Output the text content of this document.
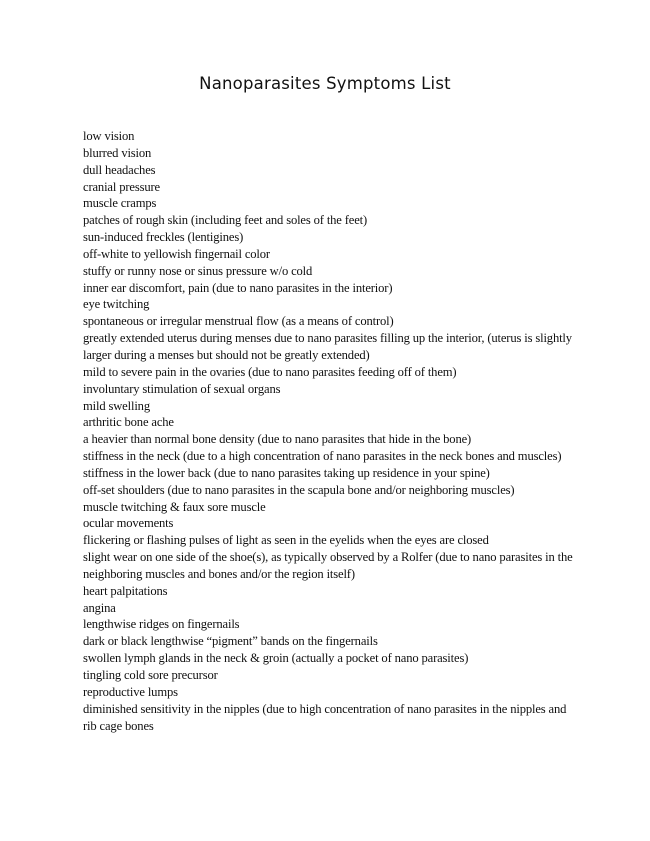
Nanoparasites Symptoms List
low vision
blurred vision
dull headaches
cranial pressure
muscle cramps
patches of rough skin (including feet and soles of the feet)
sun-induced freckles (lentigines)
off-white to yellowish fingernail color
stuffy or runny nose or sinus pressure w/o cold
inner ear discomfort, pain (due to nano parasites in the interior)
eye twitching
spontaneous or irregular menstrual flow (as a means of control)
greatly extended uterus during menses due to nano parasites filling up the interior, (uterus is slightly larger during a menses but should not be greatly extended)
mild to severe pain in the ovaries (due to nano parasites feeding off of them)
involuntary stimulation of sexual organs
mild swelling
arthritic bone ache
a heavier than normal bone density (due to nano parasites that hide in the bone)
stiffness in the neck (due to a high concentration of nano parasites in the neck bones and muscles)
stiffness in the lower back (due to nano parasites taking up residence in your spine)
off-set shoulders (due to nano parasites in the scapula bone and/or neighboring muscles)
muscle twitching & faux sore muscle
ocular movements
flickering or flashing pulses of light as seen in the eyelids when the eyes are closed
slight wear on one side of the shoe(s), as typically observed by a Rolfer (due to nano parasites in the neighboring muscles and bones and/or the region itself)
heart palpitations
angina
lengthwise ridges on fingernails
dark or black lengthwise “pigment” bands on the fingernails
swollen lymph glands in the neck & groin (actually a pocket of nano parasites)
tingling cold sore precursor
reproductive lumps
diminished sensitivity in the nipples (due to high concentration of nano parasites in the nipples and rib cage bones
